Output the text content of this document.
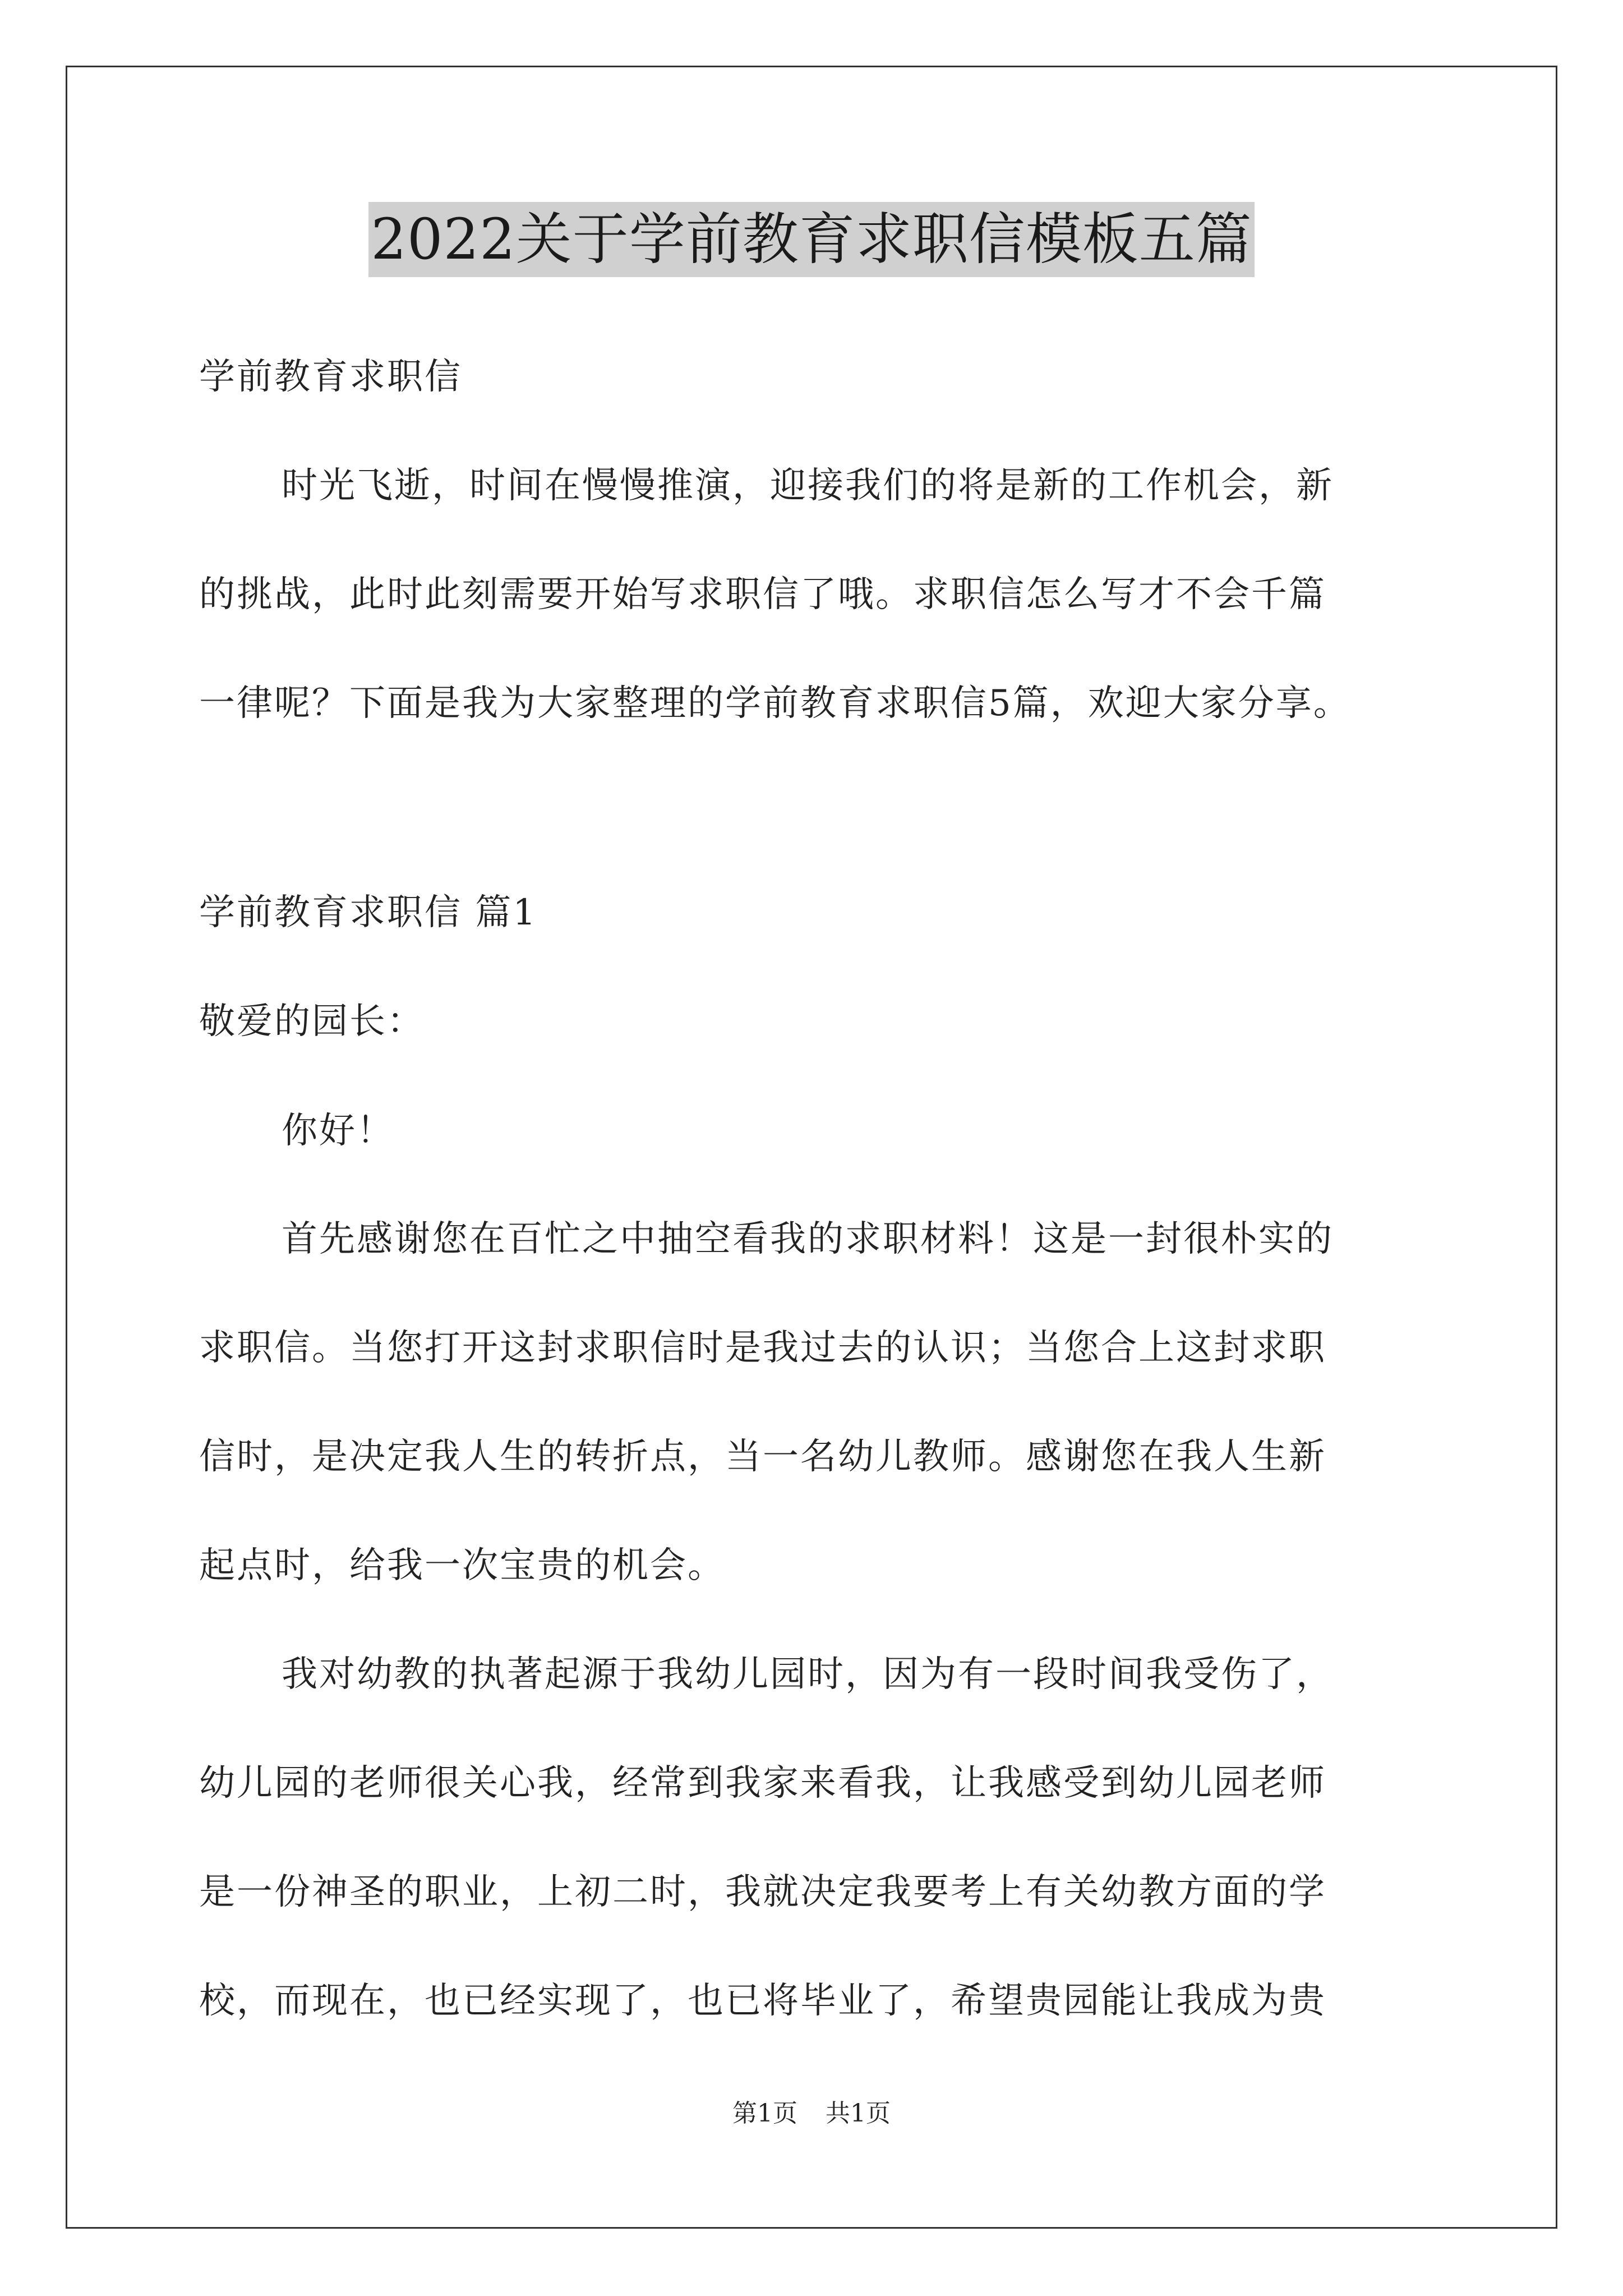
2022关于学前教育求职信模板五篇
学前教育求职信
时光飞逝，时间在慢慢推演，迎接我们的将是新的工作机会，新
的挑战，此时此刻需要开始写求职信了哦。求职信怎么写才不会千篇
一律呢？下面是我为大家整理的学前教育求职信5篇，欢迎大家分享。
学前教育求职信 篇1
敬爱的园长：
你好！
首先感谢您在百忙之中抽空看我的求职材料！这是一封很朴实的
求职信。当您打开这封求职信时是我过去的认识；当您合上这封求职
信时，是决定我人生的转折点，当一名幼儿教师。感谢您在我人生新
起点时，给我一次宝贵的机会。
我对幼教的执著起源于我幼儿园时，因为有一段时间我受伤了，
幼儿园的老师很关心我，经常到我家来看我，让我感受到幼儿园老师
是一份神圣的职业，上初二时，我就决定我要考上有关幼教方面的学
校，而现在，也已经实现了，也已将毕业了，希望贵园能让我成为贵
第1页 共1页
